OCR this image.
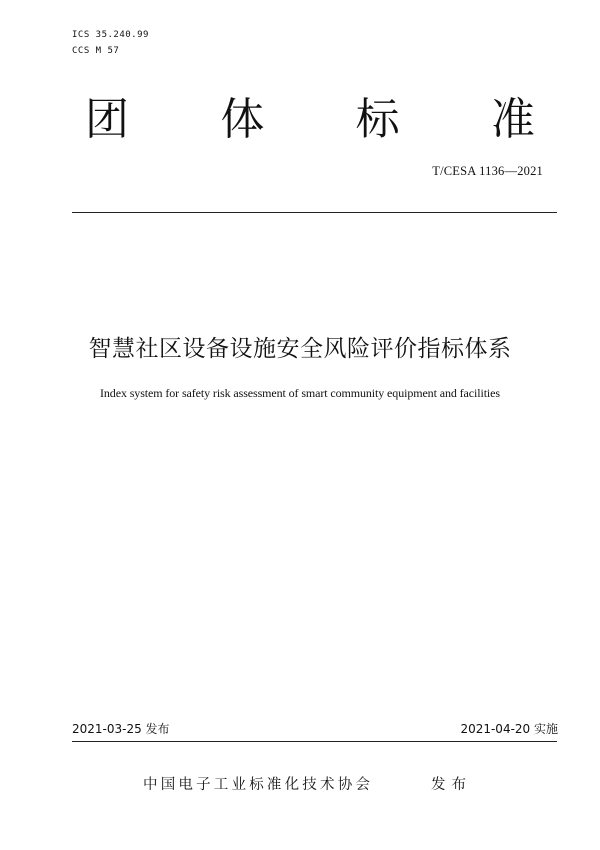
ICS 35.240.99
CCS M 57
团 体 标 准
T/CESA 1136—2021
智慧社区设备设施安全风险评价指标体系
Index system for safety risk assessment of smart community equipment and facilities
2021-03-25 发布	2021-04-20 实施
中国电子工业标准化技术协会	发布
